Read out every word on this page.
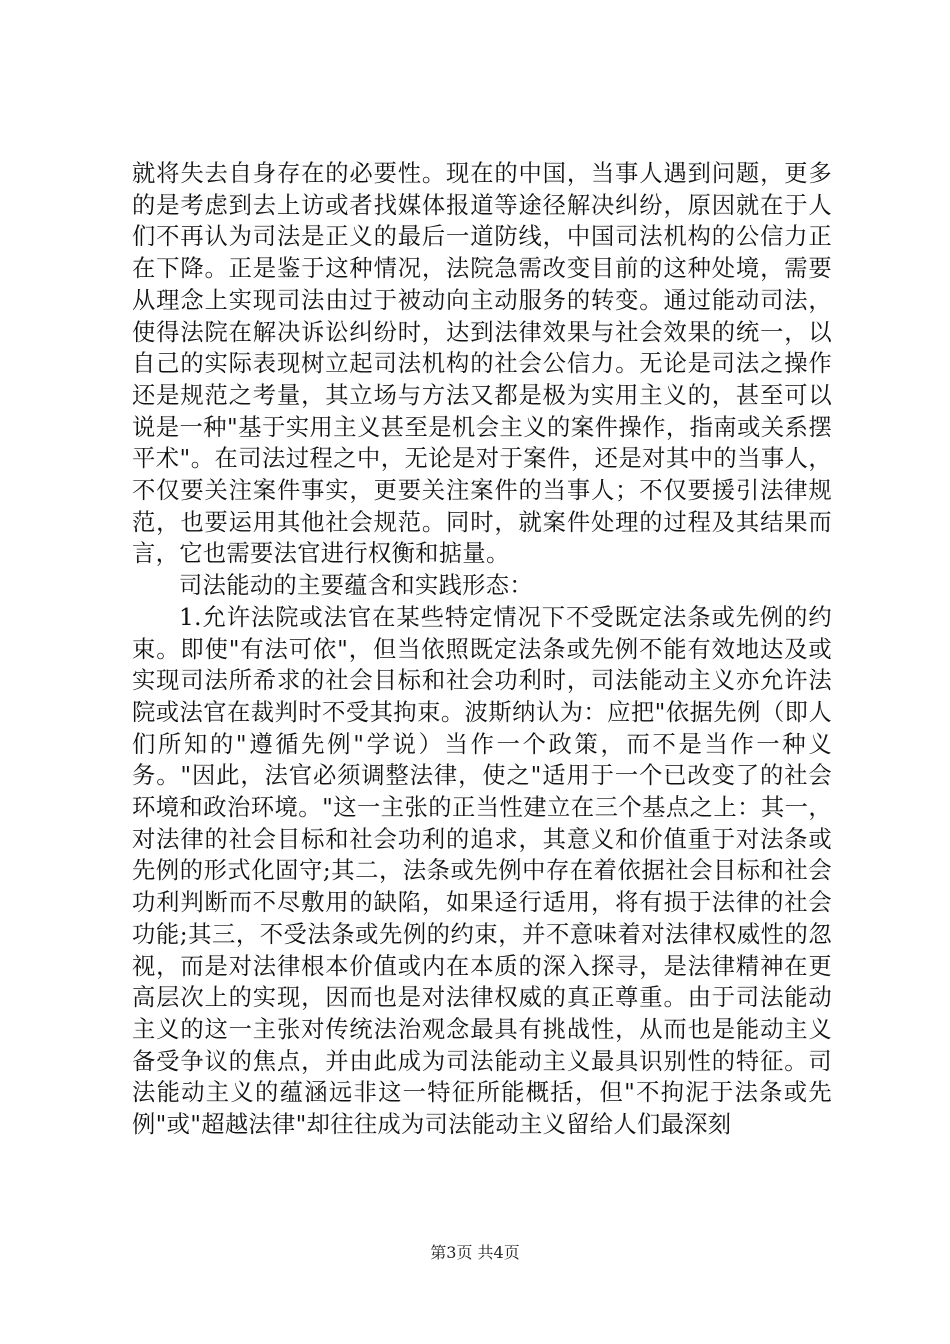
就将失去自身存在的必要性。现在的中国，当事人遇到问题，更多的是考虑到去上访或者找媒体报道等途径解决纠纷，原因就在于人们不再认为司法是正义的最后一道防线，中国司法机构的公信力正在下降。正是鉴于这种情况，法院急需改变目前的这种处境，需要从理念上实现司法由过于被动向主动服务的转变。通过能动司法，使得法院在解决诉讼纠纷时，达到法律效果与社会效果的统一，以自己的实际表现树立起司法机构的社会公信力。无论是司法之操作还是规范之考量，其立场与方法又都是极为实用主义的，甚至可以说是一种"基于实用主义甚至是机会主义的案件操作，指南或关系摆平术"。在司法过程之中，无论是对于案件，还是对其中的当事人，不仅要关注案件事实，更要关注案件的当事人；不仅要援引法律规范，也要运用其他社会规范。同时，就案件处理的过程及其结果而言，它也需要法官进行权衡和掂量。

司法能动的主要蕴含和实践形态：

1.允许法院或法官在某些特定情况下不受既定法条或先例的约束。即使"有法可依"，但当依照既定法条或先例不能有效地达及或实现司法所希求的社会目标和社会功利时，司法能动主义亦允许法院或法官在裁判时不受其拘束。波斯纳认为：应把"依据先例（即人们所知的"遵循先例"学说）当作一个政策，而不是当作一种义务。"因此，法官必须调整法律，使之"适用于一个已改变了的社会环境和政治环境。"这一主张的正当性建立在三个基点之上：其一，对法律的社会目标和社会功利的追求，其意义和价值重于对法条或先例的形式化固守;其二，法条或先例中存在着依据社会目标和社会功利判断而不尽敷用的缺陷，如果迳行适用，将有损于法律的社会功能;其三，不受法条或先例的约束，并不意味着对法律权威性的忽视，而是对法律根本价值或内在本质的深入探寻，是法律精神在更高层次上的实现，因而也是对法律权威的真正尊重。由于司法能动主义的这一主张对传统法治观念最具有挑战性，从而也是能动主义备受争议的焦点，并由此成为司法能动主义最具识别性的特征。司法能动主义的蕴涵远非这一特征所能概括，但"不拘泥于法条或先例"或"超越法律"却往往成为司法能动主义留给人们最深刻

第3页 共4页
